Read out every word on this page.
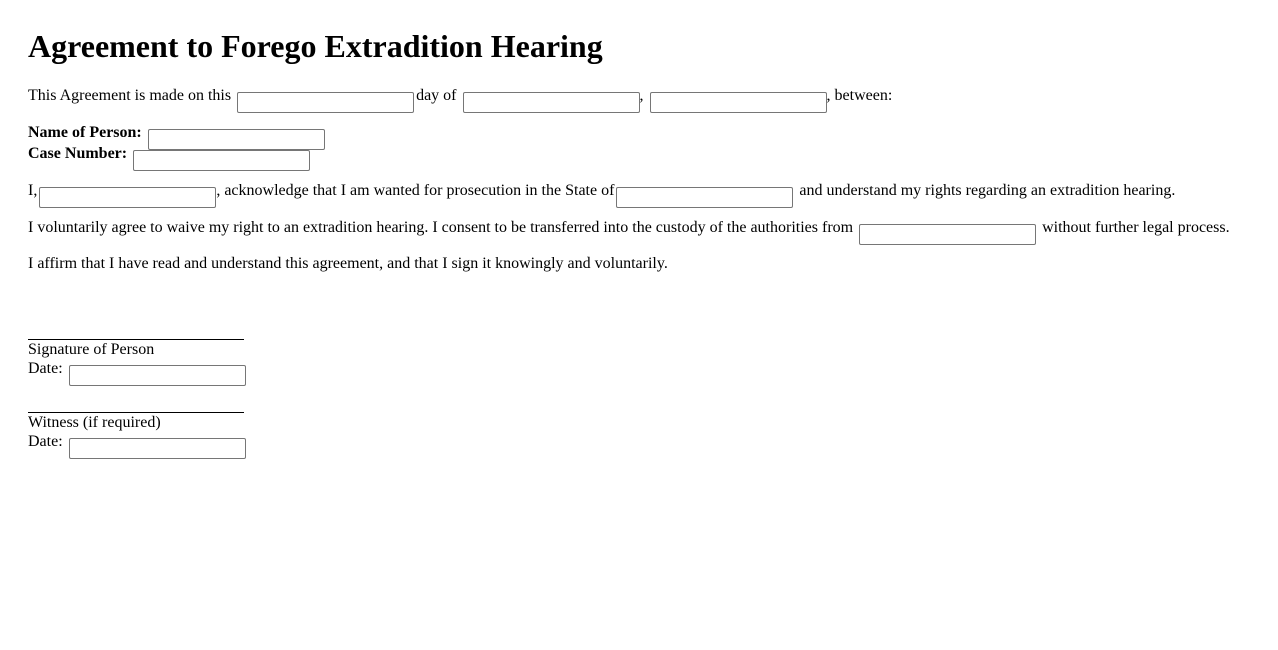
Agreement to Forego Extradition Hearing
This Agreement is made on this	day of	,	, between:
Name of Person:
Case Number:
I,	, acknowledge that I am wanted for prosecution in the State of	and understand my rights regarding an extradition hearing.
I voluntarily agree to waive my right to an extradition hearing. I consent to be transferred into the custody of the authorities from	without further legal process.
I affirm that I have read and understand this agreement, and that I sign it knowingly and voluntarily.
Signature of Person
Date:
Witness (if required)
Date:
